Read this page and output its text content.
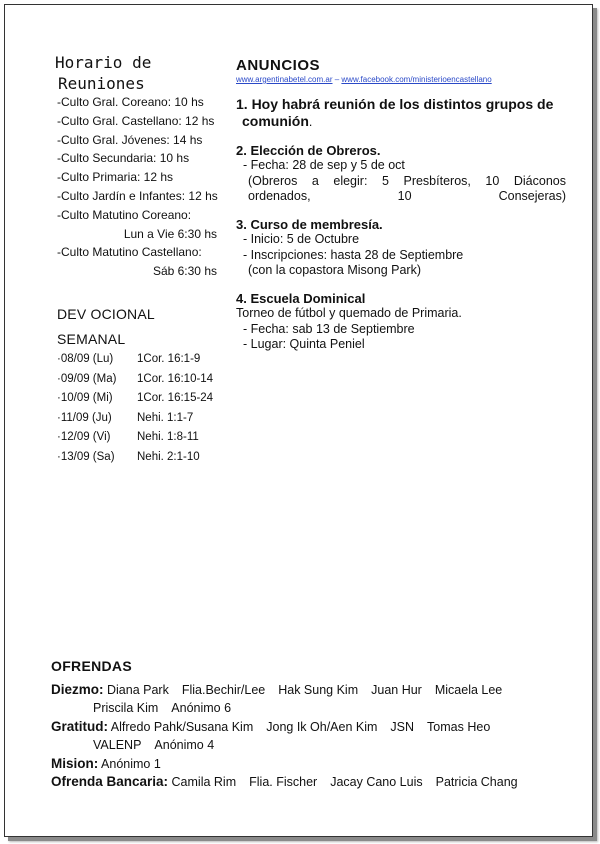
Horario de
Reuniones
-Culto Gral. Coreano: 10 hs
-Culto Gral. Castellano: 12 hs
-Culto Gral. Jóvenes: 14 hs
-Culto Secundaria: 10 hs
-Culto Primaria: 12 hs
-Culto Jardín e Infantes: 12 hs
-Culto Matutino Coreano:
Lun a Vie 6:30 hs
-Culto Matutino Castellano:
Sáb 6:30 hs
DEV OCIONAL
SEMANAL
·08/09 (Lu)	1Cor. 16:1-9
·09/09 (Ma)	1Cor. 16:10-14
·10/09 (Mi)	1Cor. 16:15-24
·11/09 (Ju)	Nehi. 1:1-7
·12/09 (Vi)	Nehi. 1:8-11
·13/09 (Sa)	Nehi. 2:1-10
ANUNCIOS
www.argentinabetel.com.ar – www.facebook.com/ministerioencastellano
1. Hoy habrá reunión de los distintos grupos de
comunión.
2. Elección de Obreros.
- Fecha: 28 de sep y 5 de oct
(Obreros a elegir: 5 Presbíteros, 10 Diáconos
ordenados, 10 Consejeras)
3. Curso de membresía.
- Inicio: 5 de Octubre
- Inscripciones: hasta 28 de Septiembre
(con la copastora Misong Park)
4. Escuela Dominical
Torneo de fútbol y quemado de Primaria.
- Fecha: sab 13 de Septiembre
- Lugar: Quinta Peniel
OFRENDAS
Diezmo: Diana Park Flia.Bechir/Lee Hak Sung Kim Juan Hur Micaela Lee
Priscila Kim Anónimo 6
Gratitud: Alfredo Pahk/Susana Kim Jong Ik Oh/Aen Kim JSN Tomas Heo
VALENP Anónimo 4
Mision: Anónimo 1
Ofrenda Bancaria: Camila Rim Flia. Fischer Jacay Cano Luis Patricia Chang
